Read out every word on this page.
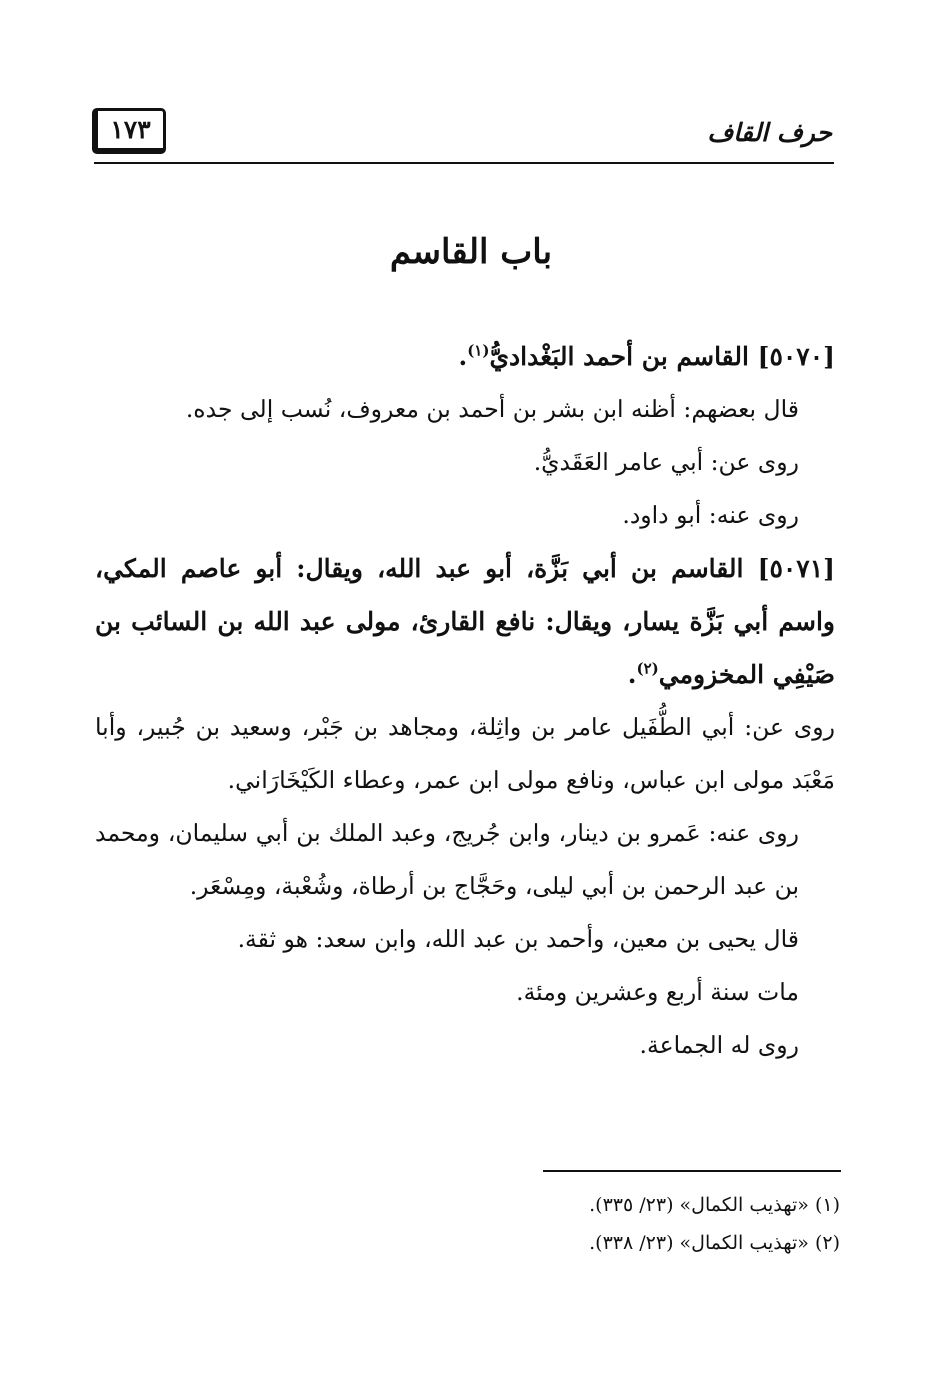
حرف القاف
١٧٣
باب القاسم

[٥٠٧٠] القاسم بن أحمد البَغْداديُّ$^{(١)}$.

قال بعضهم: أظنه ابن بشر بن أحمد بن معروف، نُسب إلى جده.

روى عن: أبي عامر العَقَديُّ.

روى عنه: أبو داود.

[٥٠٧١] القاسم بن أبي بَزَّة، أبو عبد الله، ويقال: أبو عاصم المكي، واسم أبي بَزَّة يسار، ويقال: نافع القارئ، مولى عبد الله بن السائب بن صَيْفِي المخزومي$^{(٢)}$.

روى عن: أبي الطُّفَيل عامر بن واثِلة، ومجاهد بن جَبْر، وسعيد بن جُبير، وأبا مَعْبَد مولى ابن عباس، ونافع مولى ابن عمر، وعطاء الكَيْخَارَاني.

روى عنه: عَمرو بن دينار، وابن جُريج، وعبد الملك بن أبي سليمان، ومحمد بن عبد الرحمن بن أبي ليلى، وحَجَّاج بن أرطاة، وشُعْبة، ومِسْعَر.

قال يحيى بن معين، وأحمد بن عبد الله، وابن سعد: هو ثقة.

مات سنة أربع وعشرين ومئة.

روى له الجماعة.

(١) «تهذيب الكمال» (٢٣/ ٣٣٥).

(٢) «تهذيب الكمال» (٢٣/ ٣٣٨).
